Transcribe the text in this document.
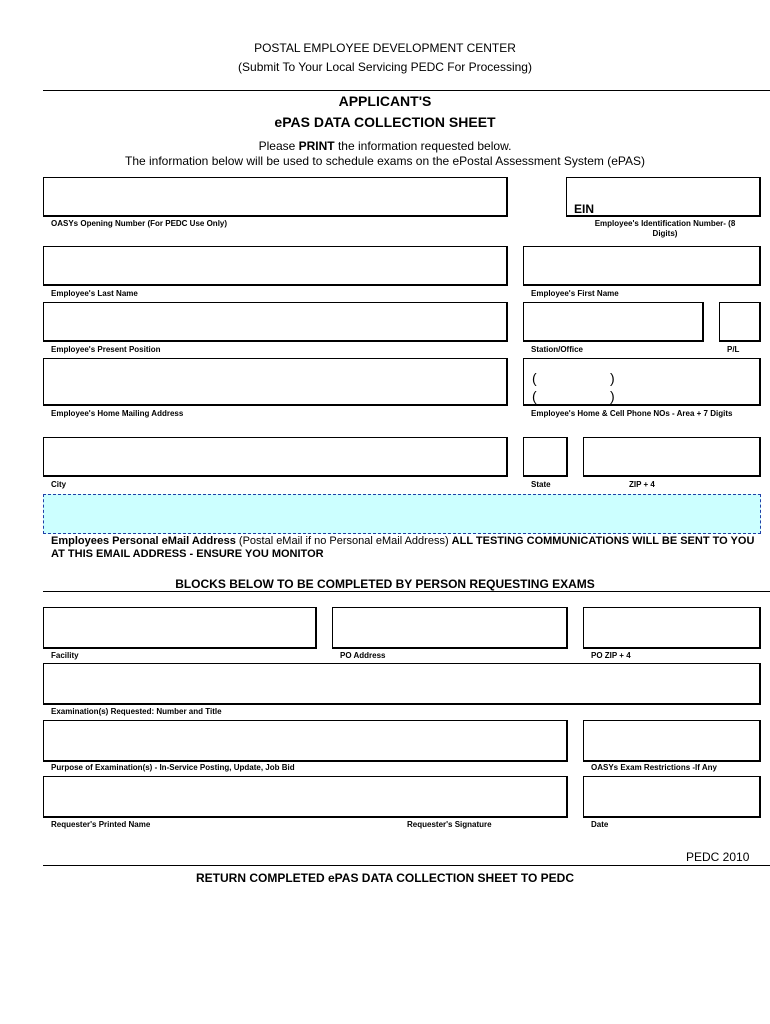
POSTAL EMPLOYEE DEVELOPMENT CENTER
(Submit To Your Local Servicing PEDC For Processing)
APPLICANT'S
ePAS DATA COLLECTION SHEET
Please PRINT the information requested below.
The information below will be used to schedule exams on the ePostal Assessment System (ePAS)
OASYs Opening Number (For PEDC Use Only)
EIN
Employee's Identification Number- (8 Digits)
Employee's Last Name	Employee's First Name
Employee's Present Position	Station/Office	P/L
Employee's Home Mailing Address
(	)
(	)
Employee's Home & Cell Phone NOs - Area + 7 Digits
City	State	ZIP + 4
Employees Personal eMail Address (Postal eMail if no Personal eMail Address) ALL TESTING COMMUNICATIONS WILL BE SENT TO YOU AT THIS EMAIL ADDRESS - ENSURE YOU MONITOR
BLOCKS BELOW TO BE COMPLETED BY PERSON REQUESTING EXAMS
Facility	PO Address	PO ZIP + 4
Examination(s) Requested: Number and Title
Purpose of Examination(s) - In-Service Posting, Update, Job Bid	OASYs Exam Restrictions -If Any
Requester's Printed Name	Requester's Signature	Date
PEDC 2010
RETURN COMPLETED ePAS DATA COLLECTION SHEET TO PEDC
